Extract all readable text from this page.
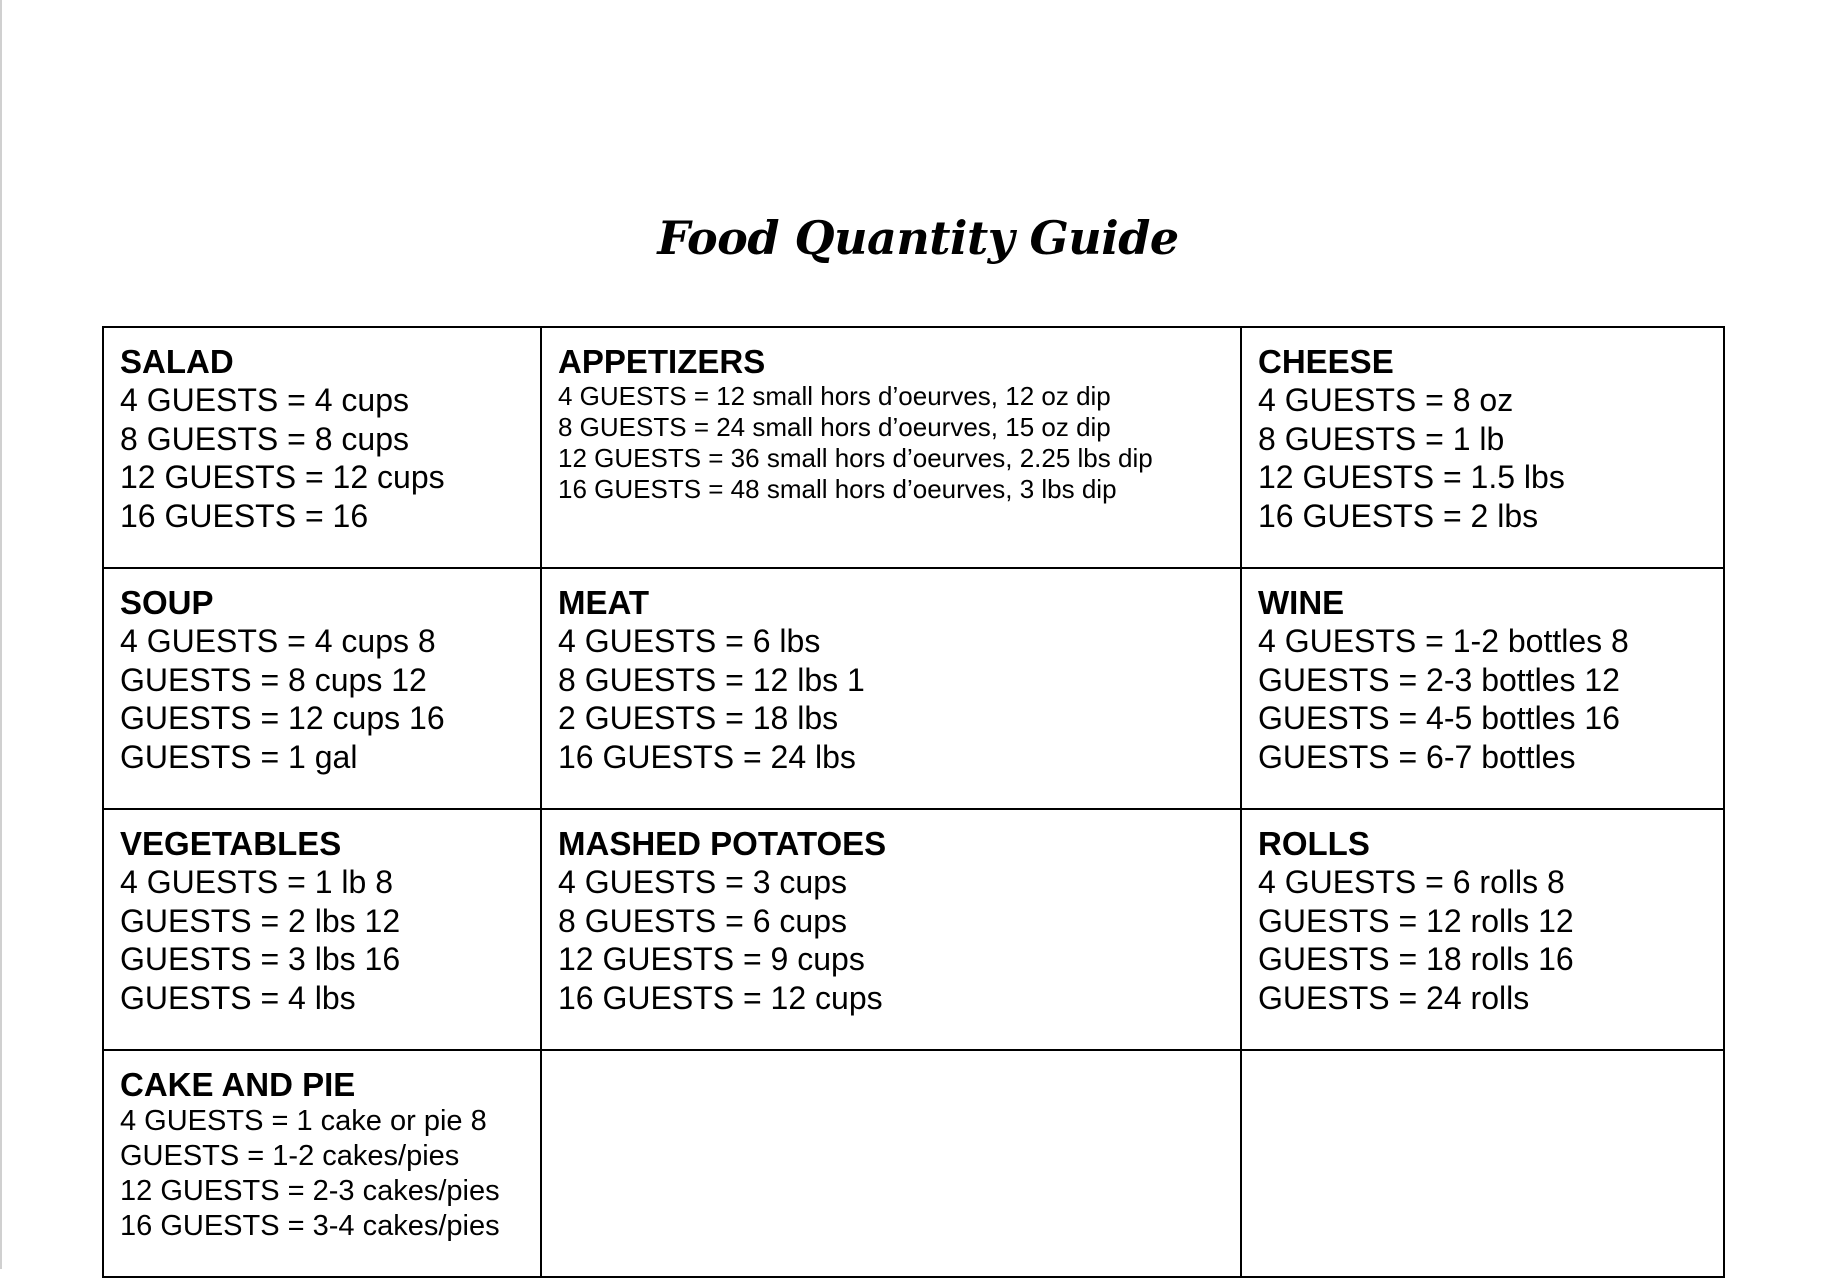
Food Quantity Guide
SALAD
4 GUESTS = 4 cups
8 GUESTS = 8 cups
12 GUESTS = 12 cups
16 GUESTS = 16	APPETIZERS
4 GUESTS = 12 small hors d’oeurves, 12 oz dip
8 GUESTS = 24 small hors d’oeurves, 15 oz dip
12 GUESTS = 36 small hors d’oeurves, 2.25 lbs dip
16 GUESTS = 48 small hors d’oeurves, 3 lbs dip	CHEESE
4 GUESTS = 8 oz
8 GUESTS = 1 lb
12 GUESTS = 1.5 lbs
16 GUESTS = 2 lbs

SOUP
4 GUESTS = 4 cups 8
GUESTS = 8 cups 12
GUESTS = 12 cups 16
GUESTS = 1 gal	MEAT
4 GUESTS = 6 lbs
8 GUESTS = 12 lbs 1
2 GUESTS = 18 lbs
16 GUESTS = 24 lbs	WINE
4 GUESTS = 1-2 bottles 8
GUESTS = 2-3 bottles 12
GUESTS = 4-5 bottles 16
GUESTS = 6-7 bottles

VEGETABLES
4 GUESTS = 1 lb 8
GUESTS = 2 lbs 12
GUESTS = 3 lbs 16
GUESTS = 4 lbs	MASHED POTATOES
4 GUESTS = 3 cups
8 GUESTS = 6 cups
12 GUESTS = 9 cups
16 GUESTS = 12 cups	ROLLS
4 GUESTS = 6 rolls 8
GUESTS = 12 rolls 12
GUESTS = 18 rolls 16
GUESTS = 24 rolls

CAKE AND PIE
4 GUESTS = 1 cake or pie 8
GUESTS = 1-2 cakes/pies
12 GUESTS = 2-3 cakes/pies
16 GUESTS = 3-4 cakes/pies		
